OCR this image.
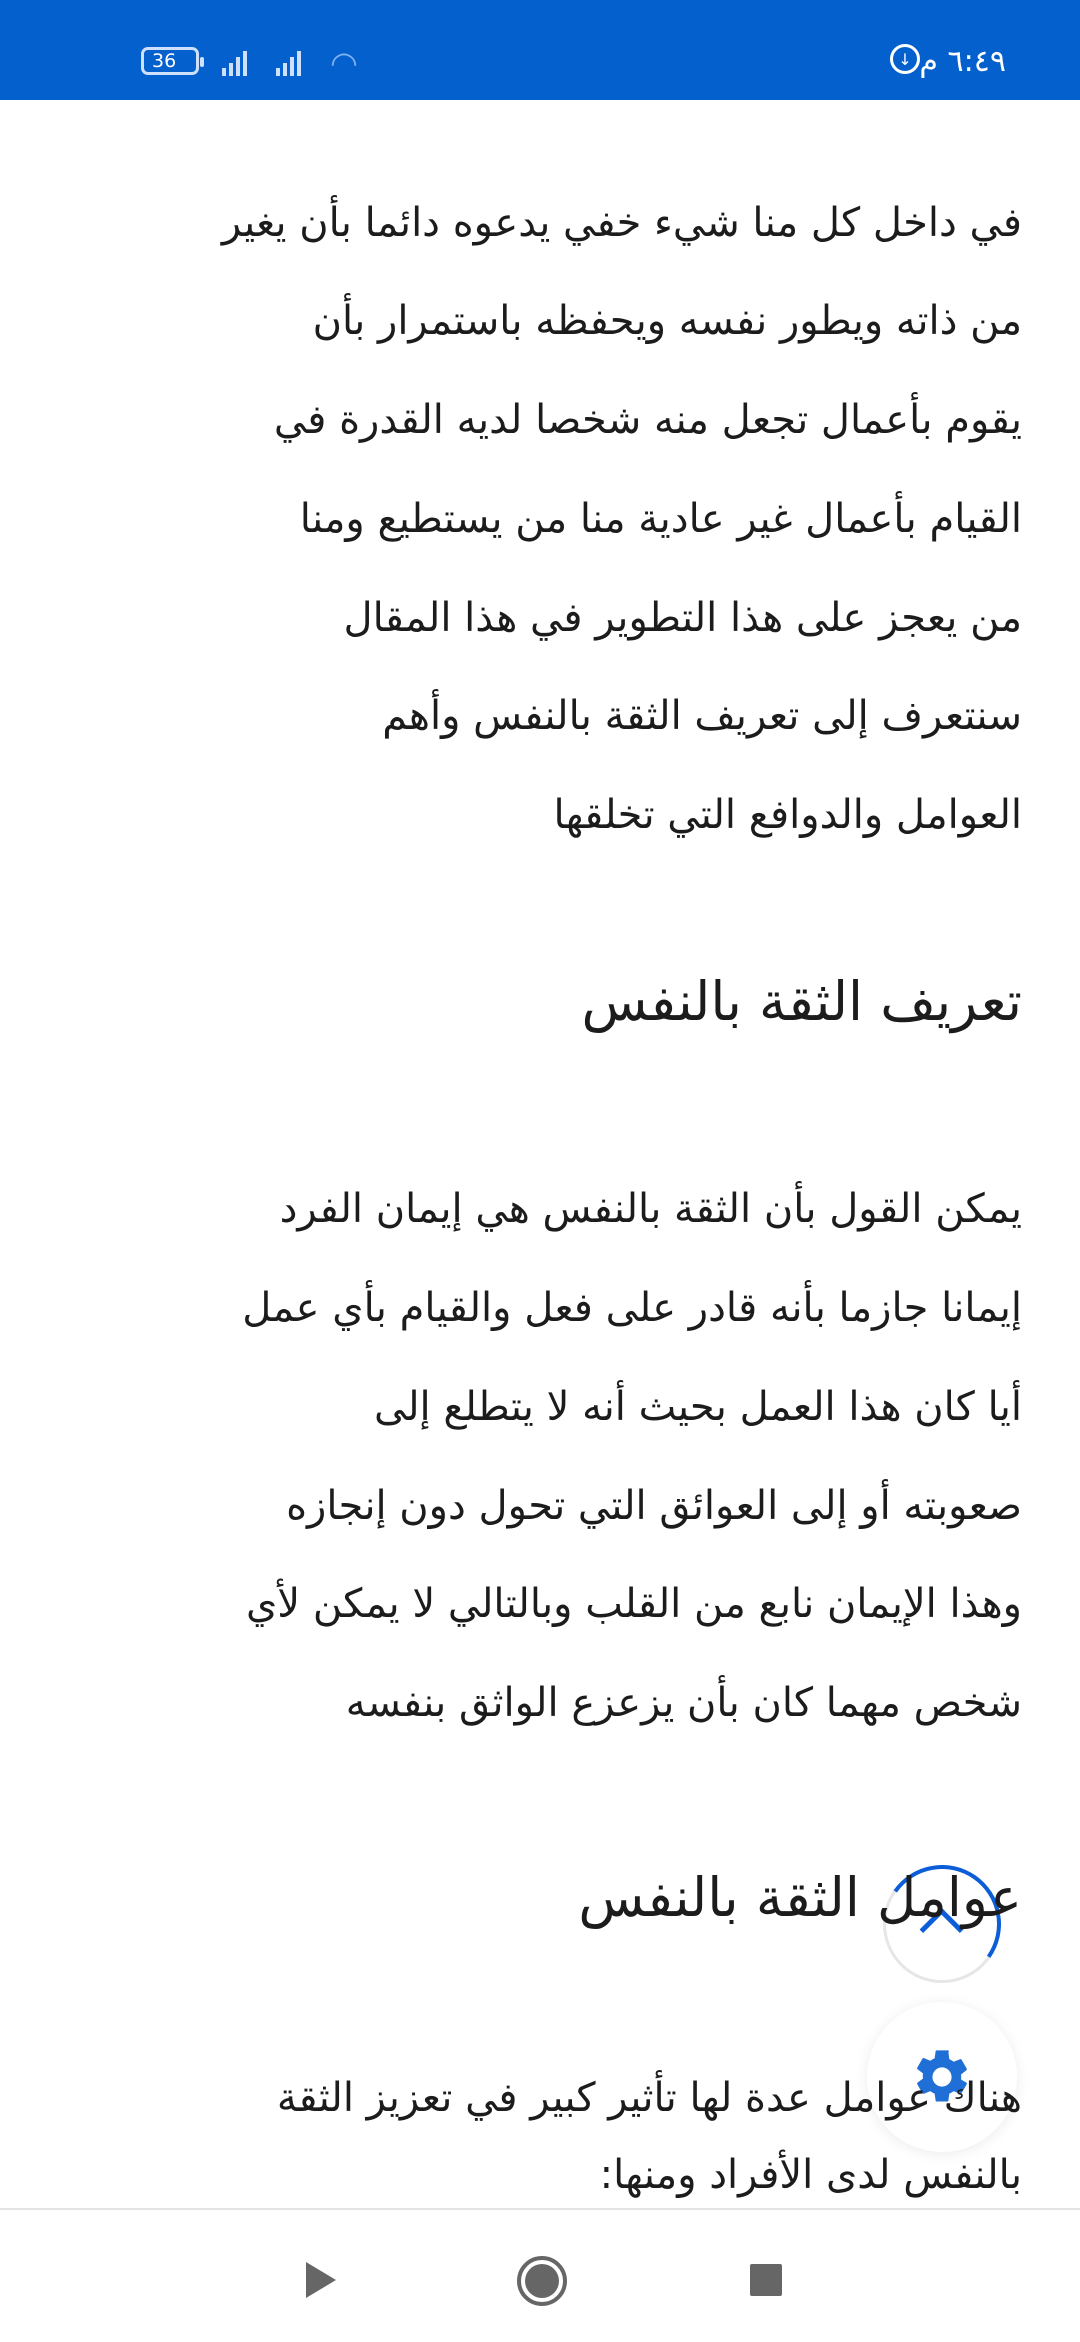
36	◠	↓ ٦:٤٩ م
في داخل كل منا شيء خفي يدعوه دائما بأن يغير
من ذاته ويطور نفسه ويحفظه باستمرار بأن
يقوم بأعمال تجعل منه شخصا لديه القدرة في
القيام بأعمال غير عادية منا من يستطيع ومنا
من يعجز على هذا التطوير في هذا المقال
سنتعرف إلى تعريف الثقة بالنفس وأهم
العوامل والدوافع التي تخلقها
تعريف الثقة بالنفس
يمكن القول بأن الثقة بالنفس هي إيمان الفرد
إيمانا جازما بأنه قادر على فعل والقيام بأي عمل
أيا كان هذا العمل بحيث أنه لا يتطلع إلى
صعوبته أو إلى العوائق التي تحول دون إنجازه
وهذا الإيمان نابع من القلب وبالتالي لا يمكن لأي
شخص مهما كان بأن يزعزع الواثق بنفسه
عوامل الثقة بالنفس
هناك عوامل عدة لها تأثير كبير في تعزيز الثقة
بالنفس لدى الأفراد ومنها:
